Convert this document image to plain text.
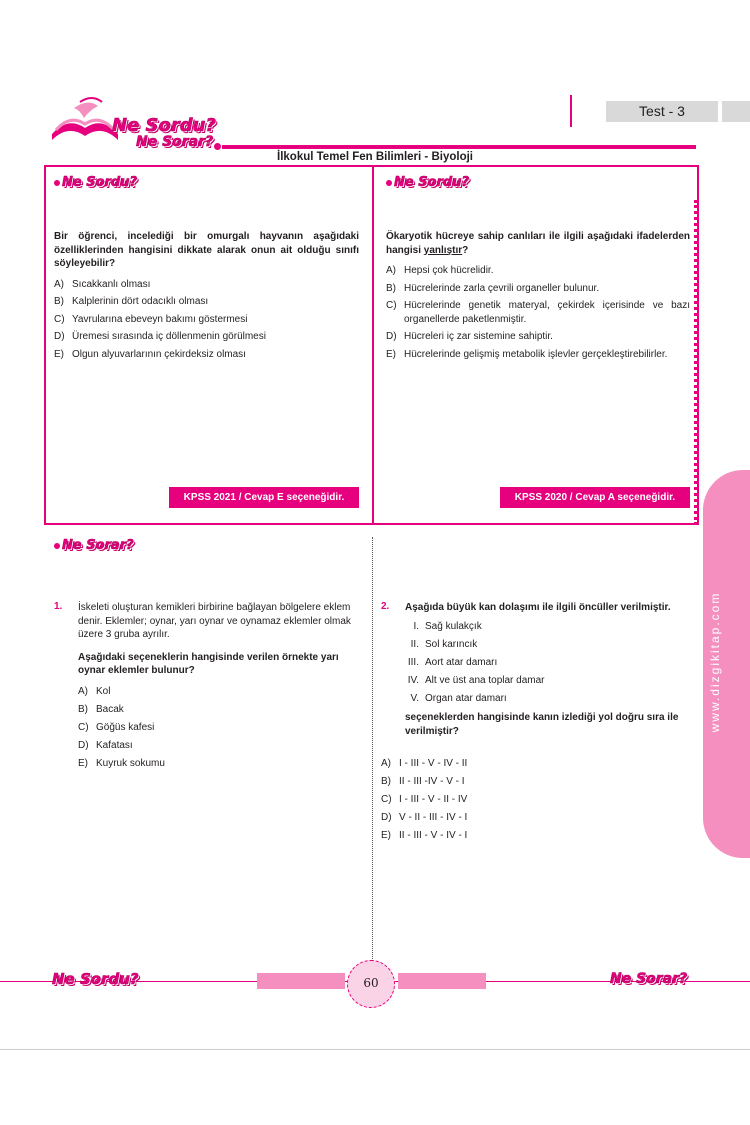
Ne Sordu?
Ne Sorar?
Test - 3
İlkokul Temel Fen Bilimleri - Biyoloji
Ne Sordu?	Ne Sordu?
Bir öğrenci, incelediği bir omurgalı hayvanın aşağıdaki özelliklerinden hangisini dikkate alarak onun ait olduğu sınıfı söyleyebilir?
A) Sıcakkanlı olması
B) Kalplerinin dört odacıklı olması
C) Yavrularına ebeveyn bakımı göstermesi
D) Üremesi sırasında iç döllenmenin görülmesi
E) Olgun alyuvarlarının çekirdeksiz olması
KPSS 2021 / Cevap E seçeneğidir.
Ökaryotik hücreye sahip canlıları ile ilgili aşağıdaki ifadelerden hangisi yanlıştır?
A) Hepsi çok hücrelidir.
B) Hücrelerinde zarla çevrili organeller bulunur.
C) Hücrelerinde genetik materyal, çekirdek içerisinde ve bazı organellerde paketlenmiştir.
D) Hücreleri iç zar sistemine sahiptir.
E) Hücrelerinde gelişmiş metabolik işlevler gerçekleştirebilirler.
KPSS 2020 / Cevap A seçeneğidir.
Ne Sorar?
1. İskeleti oluşturan kemikleri birbirine bağlayan bölgelere eklem denir. Eklemler; oynar, yarı oynar ve oynamaz eklemler olmak üzere 3 gruba ayrılır.
Aşağıdaki seçeneklerin hangisinde verilen örnekte yarı oynar eklemler bulunur?
A) Kol
B) Bacak
C) Göğüs kafesi
D) Kafatası
E) Kuyruk sokumu
2. Aşağıda büyük kan dolaşımı ile ilgili öncüller verilmiştir.
I. Sağ kulakçık
II. Sol karıncık
III. Aort atar damarı
IV. Alt ve üst ana toplar damar
V. Organ atar damarı
seçeneklerden hangisinde kanın izlediği yol doğru sıra ile verilmiştir?
A) I - III - V - IV - II
B) II - III -IV - V - I
C) I - III - V - II - IV
D) V - II - III - IV - I
E) II - III - V - IV - I
www.dizgikitap.com
60
Ne Sordu?	Ne Sorar?
